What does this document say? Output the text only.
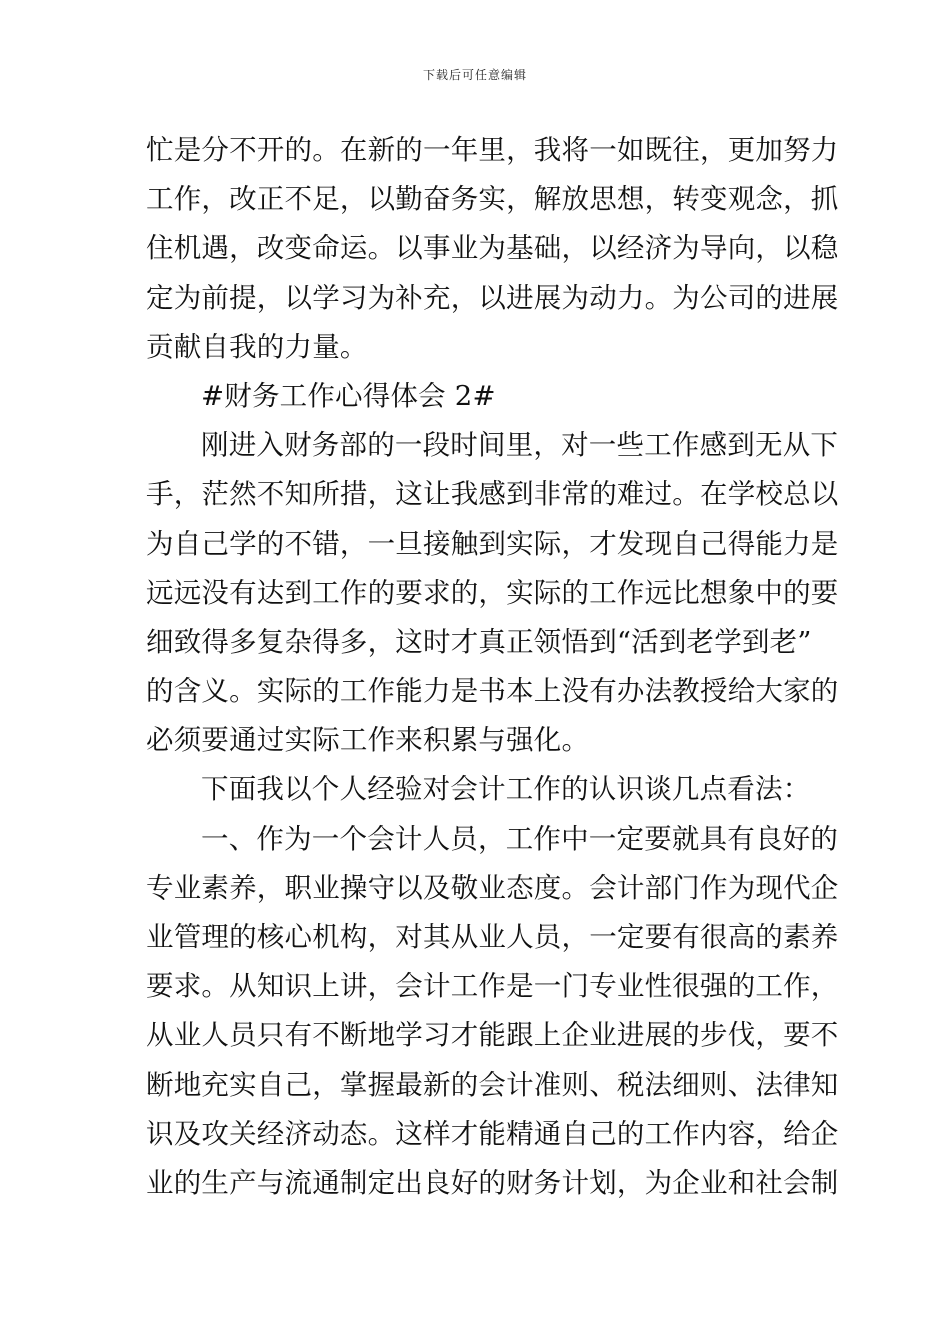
下载后可任意编辑
忙是分不开的。在新的一年里，我将一如既往，更加努力
工作，改正不足，以勤奋务实，解放思想，转变观念，抓
住机遇，改变命运。以事业为基础，以经济为导向，以稳
定为前提，以学习为补充，以进展为动力。为公司的进展
贡献自我的力量。
#财务工作心得体会 2#
刚进入财务部的一段时间里，对一些工作感到无从下
手，茫然不知所措，这让我感到非常的难过。在学校总以
为自己学的不错，一旦接触到实际，才发现自己得能力是
远远没有达到工作的要求的，实际的工作远比想象中的要
细致得多复杂得多，这时才真正领悟到“活到老学到老”
的含义。实际的工作能力是书本上没有办法教授给大家的
必须要通过实际工作来积累与强化。
下面我以个人经验对会计工作的认识谈几点看法：
一、作为一个会计人员，工作中一定要就具有良好的
专业素养，职业操守以及敬业态度。会计部门作为现代企
业管理的核心机构，对其从业人员，一定要有很高的素养
要求。从知识上讲，会计工作是一门专业性很强的工作，
从业人员只有不断地学习才能跟上企业进展的步伐，要不
断地充实自己，掌握最新的会计准则、税法细则、法律知
识及攻关经济动态。这样才能精通自己的工作内容，给企
业的生产与流通制定出良好的财务计划，为企业和社会制
